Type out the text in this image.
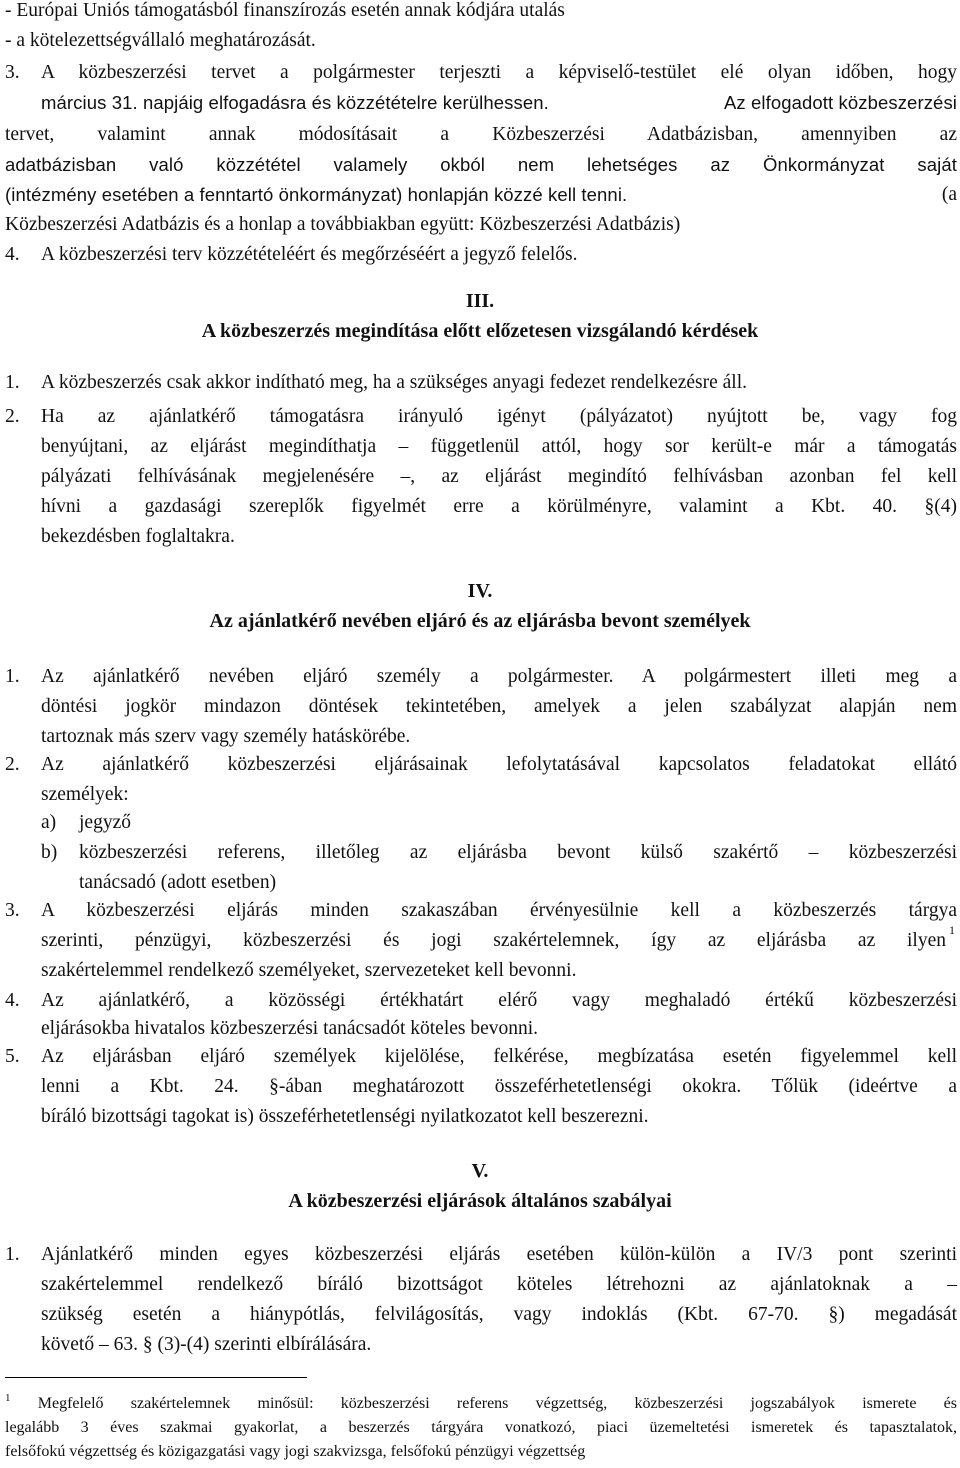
- Európai Uniós támogatásból finanszírozás esetén annak kódjára utalás
- a kötelezettségvállaló meghatározását.
3.	A közbeszerzési tervet a polgármester terjeszti a képviselő-testület elé olyan időben, hogy
március 31. napjáig elfogadásra és közzétételre kerülhessen.	Az elfogadott közbeszerzési
tervet, valamint annak módosításait a Közbeszerzési Adatbázisban, amennyiben az
adatbázisban való közzététel valamely okból nem lehetséges az Önkormányzat saját
(intézmény esetében a fenntartó önkormányzat) honlapján közzé kell tenni.	(a
Közbeszerzési Adatbázis és a honlap a továbbiakban együtt: Közbeszerzési Adatbázis)
4.	A közbeszerzési terv közzétételéért és megőrzéséért a jegyző felelős.
III.
A közbeszerzés megindítása előtt előzetesen vizsgálandó kérdések
1.	A közbeszerzés csak akkor indítható meg, ha a szükséges anyagi fedezet rendelkezésre áll.
2.	Ha az ajánlatkérő támogatásra irányuló igényt (pályázatot) nyújtott be, vagy fog
benyújtani, az eljárást megindíthatja – függetlenül attól, hogy sor került-e már a támogatás
pályázati felhívásának megjelenésére –, az eljárást megindító felhívásban azonban fel kell
hívni a gazdasági szereplők figyelmét erre a körülményre, valamint a Kbt. 40. §(4)
bekezdésben foglaltakra.
IV.
Az ajánlatkérő nevében eljáró és az eljárásba bevont személyek
1.	Az ajánlatkérő nevében eljáró személy a polgármester. A polgármestert illeti meg a
döntési jogkör mindazon döntések tekintetében, amelyek a jelen szabályzat alapján nem
tartoznak más szerv vagy személy hatáskörébe.
2.	Az ajánlatkérő közbeszerzési eljárásainak lefolytatásával kapcsolatos feladatokat ellátó
személyek:
a) jegyző
b)	közbeszerzési referens, illetőleg az eljárásba bevont külső szakértő – közbeszerzési
tanácsadó (adott esetben)
3.	A közbeszerzési eljárás minden szakaszában érvényesülnie kell a közbeszerzés tárgya
szerinti, pénzügyi, közbeszerzési és jogi szakértelemnek, így az eljárásba az ilyen 1
szakértelemmel rendelkező személyeket, szervezeteket kell bevonni.
4.	Az ajánlatkérő, a közösségi értékhatárt elérő vagy meghaladó értékű közbeszerzési
eljárásokba hivatalos közbeszerzési tanácsadót köteles bevonni.
5.	Az eljárásban eljáró személyek kijelölése, felkérése, megbízatása esetén figyelemmel kell
lenni a Kbt. 24. §-ában meghatározott összeférhetetlenségi okokra. Tőlük (ideértve a
bíráló bizottsági tagokat is) összeférhetetlenségi nyilatkozatot kell beszerezni.
V.
A közbeszerzési eljárások általános szabályai
1.	Ajánlatkérő minden egyes közbeszerzési eljárás esetében külön-külön a IV/3 pont szerinti
szakértelemmel rendelkező bíráló bizottságot köteles létrehozni az ajánlatoknak a –
szükség esetén a hiánypótlás, felvilágosítás, vagy indoklás (Kbt. 67-70. §) megadását
követő – 63. § (3)-(4) szerinti elbírálására.
$^1$ Megfelelő szakértelemnek minősül: közbeszerzési referens végzettség, közbeszerzési jogszabályok ismerete és
legalább 3 éves szakmai gyakorlat, a beszerzés tárgyára vonatkozó, piaci üzemeltetési ismeretek és tapasztalatok,
felsőfokú végzettség és közigazgatási vagy jogi szakvizsga, felsőfokú pénzügyi végzettség
